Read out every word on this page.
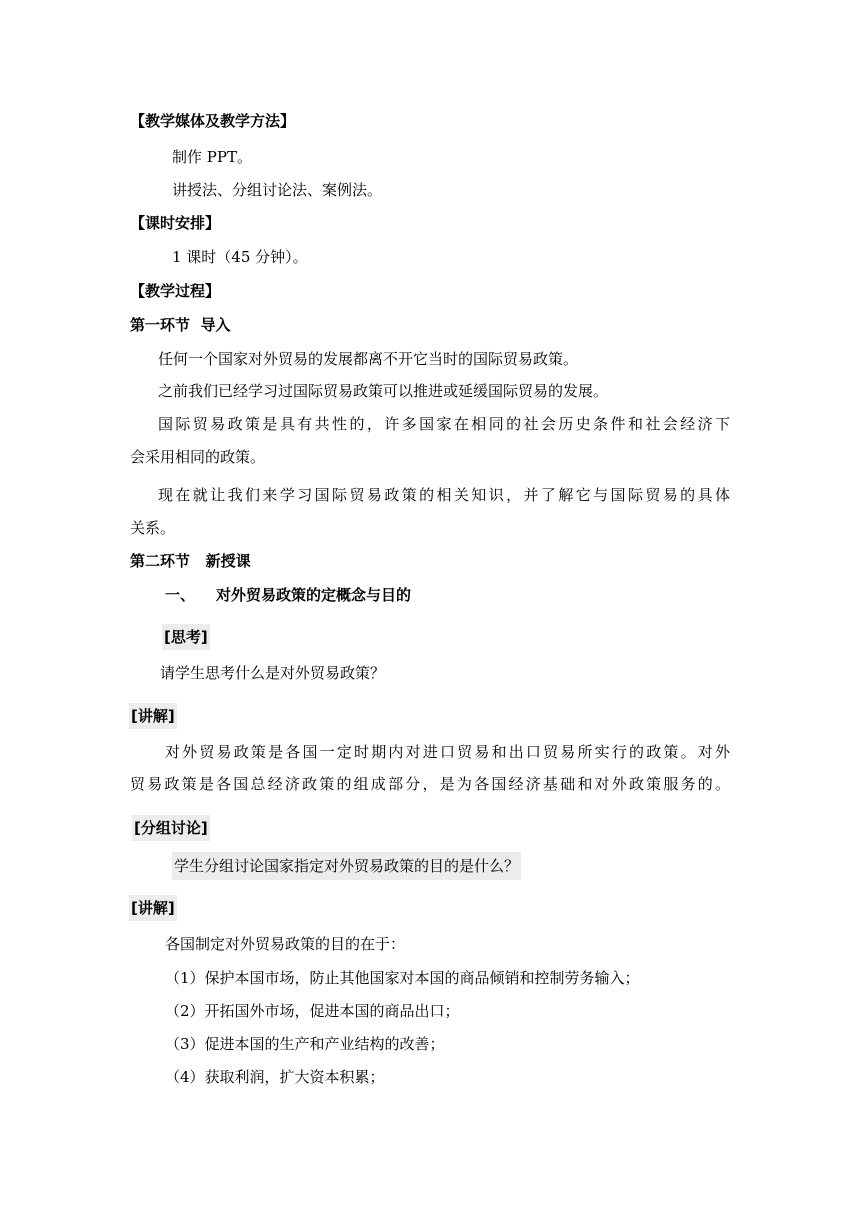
【教学媒体及教学方法】
制作 PPT。
讲授法、分组讨论法、案例法。
【课时安排】
1 课时（45 分钟）。
【教学过程】
第一环节  导入
任何一个国家对外贸易的发展都离不开它当时的国际贸易政策。
之前我们已经学习过国际贸易政策可以推进或延缓国际贸易的发展。
国际贸易政策是具有共性的，许多国家在相同的社会历史条件和社会经济下
会采用相同的政策。
现在就让我们来学习国际贸易政策的相关知识，并了解它与国际贸易的具体
关系。
第二环节   新授课
一、 对外贸易政策的定概念与目的
[思考]
请学生思考什么是对外贸易政策？
[讲解]
对外贸易政策是各国一定时期内对进口贸易和出口贸易所实行的政策。对外
贸易政策是各国总经济政策的组成部分，是为各国经济基础和对外政策服务的。
[分组讨论]
学生分组讨论国家指定对外贸易政策的目的是什么？
[讲解]
各国制定对外贸易政策的目的在于：
（1）保护本国市场，防止其他国家对本国的商品倾销和控制劳务输入；
（2）开拓国外市场，促进本国的商品出口；
（3）促进本国的生产和产业结构的改善；
（4）获取利润，扩大资本积累；
